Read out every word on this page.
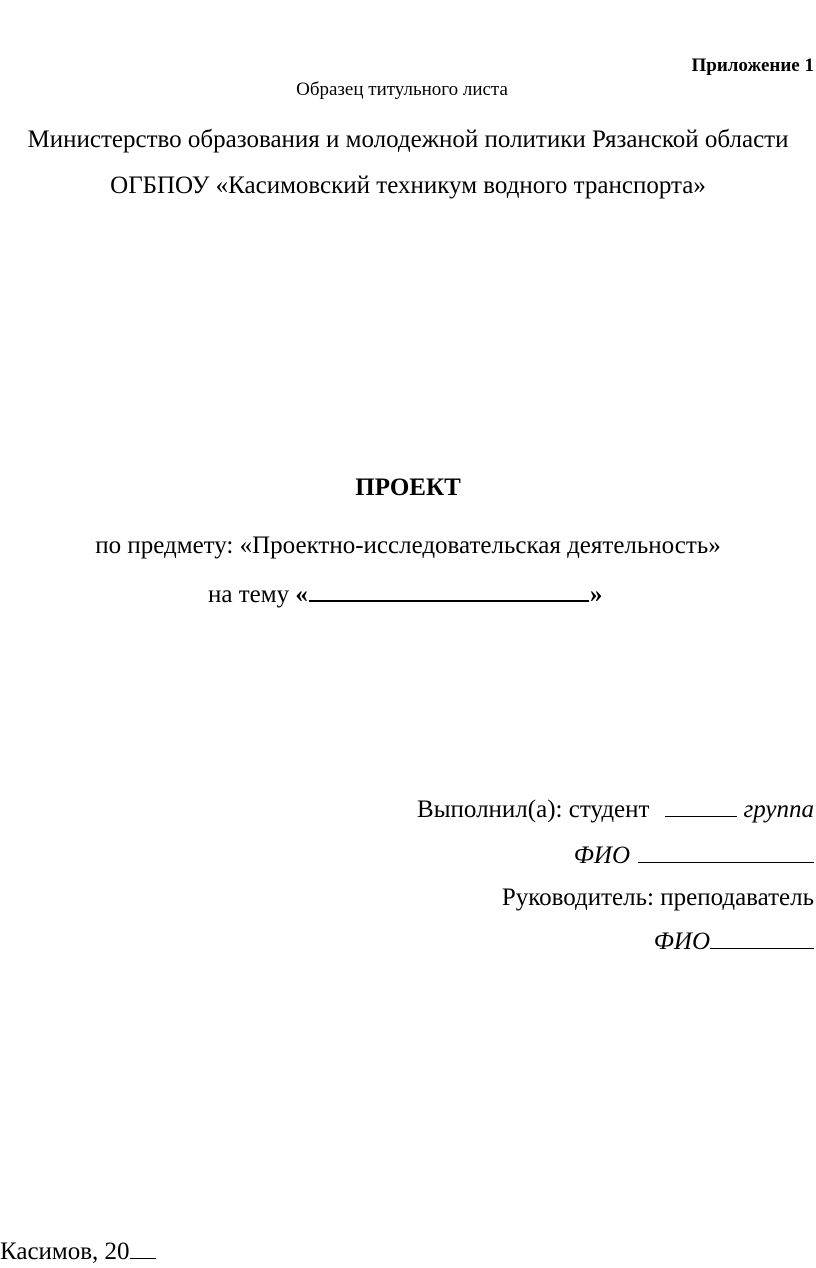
Приложение 1
Образец титульного листа
Министерство образования и молодежной политики Рязанской области
ОГБПОУ «Касимовский техникум водного транспорта»
ПРОЕКТ
по предмету: «Проектно-исследовательская деятельность»
на тему «	»
Выполнил(а): студент	группа
ФИО
Руководитель: преподаватель
ФИО
Касимов, 20
